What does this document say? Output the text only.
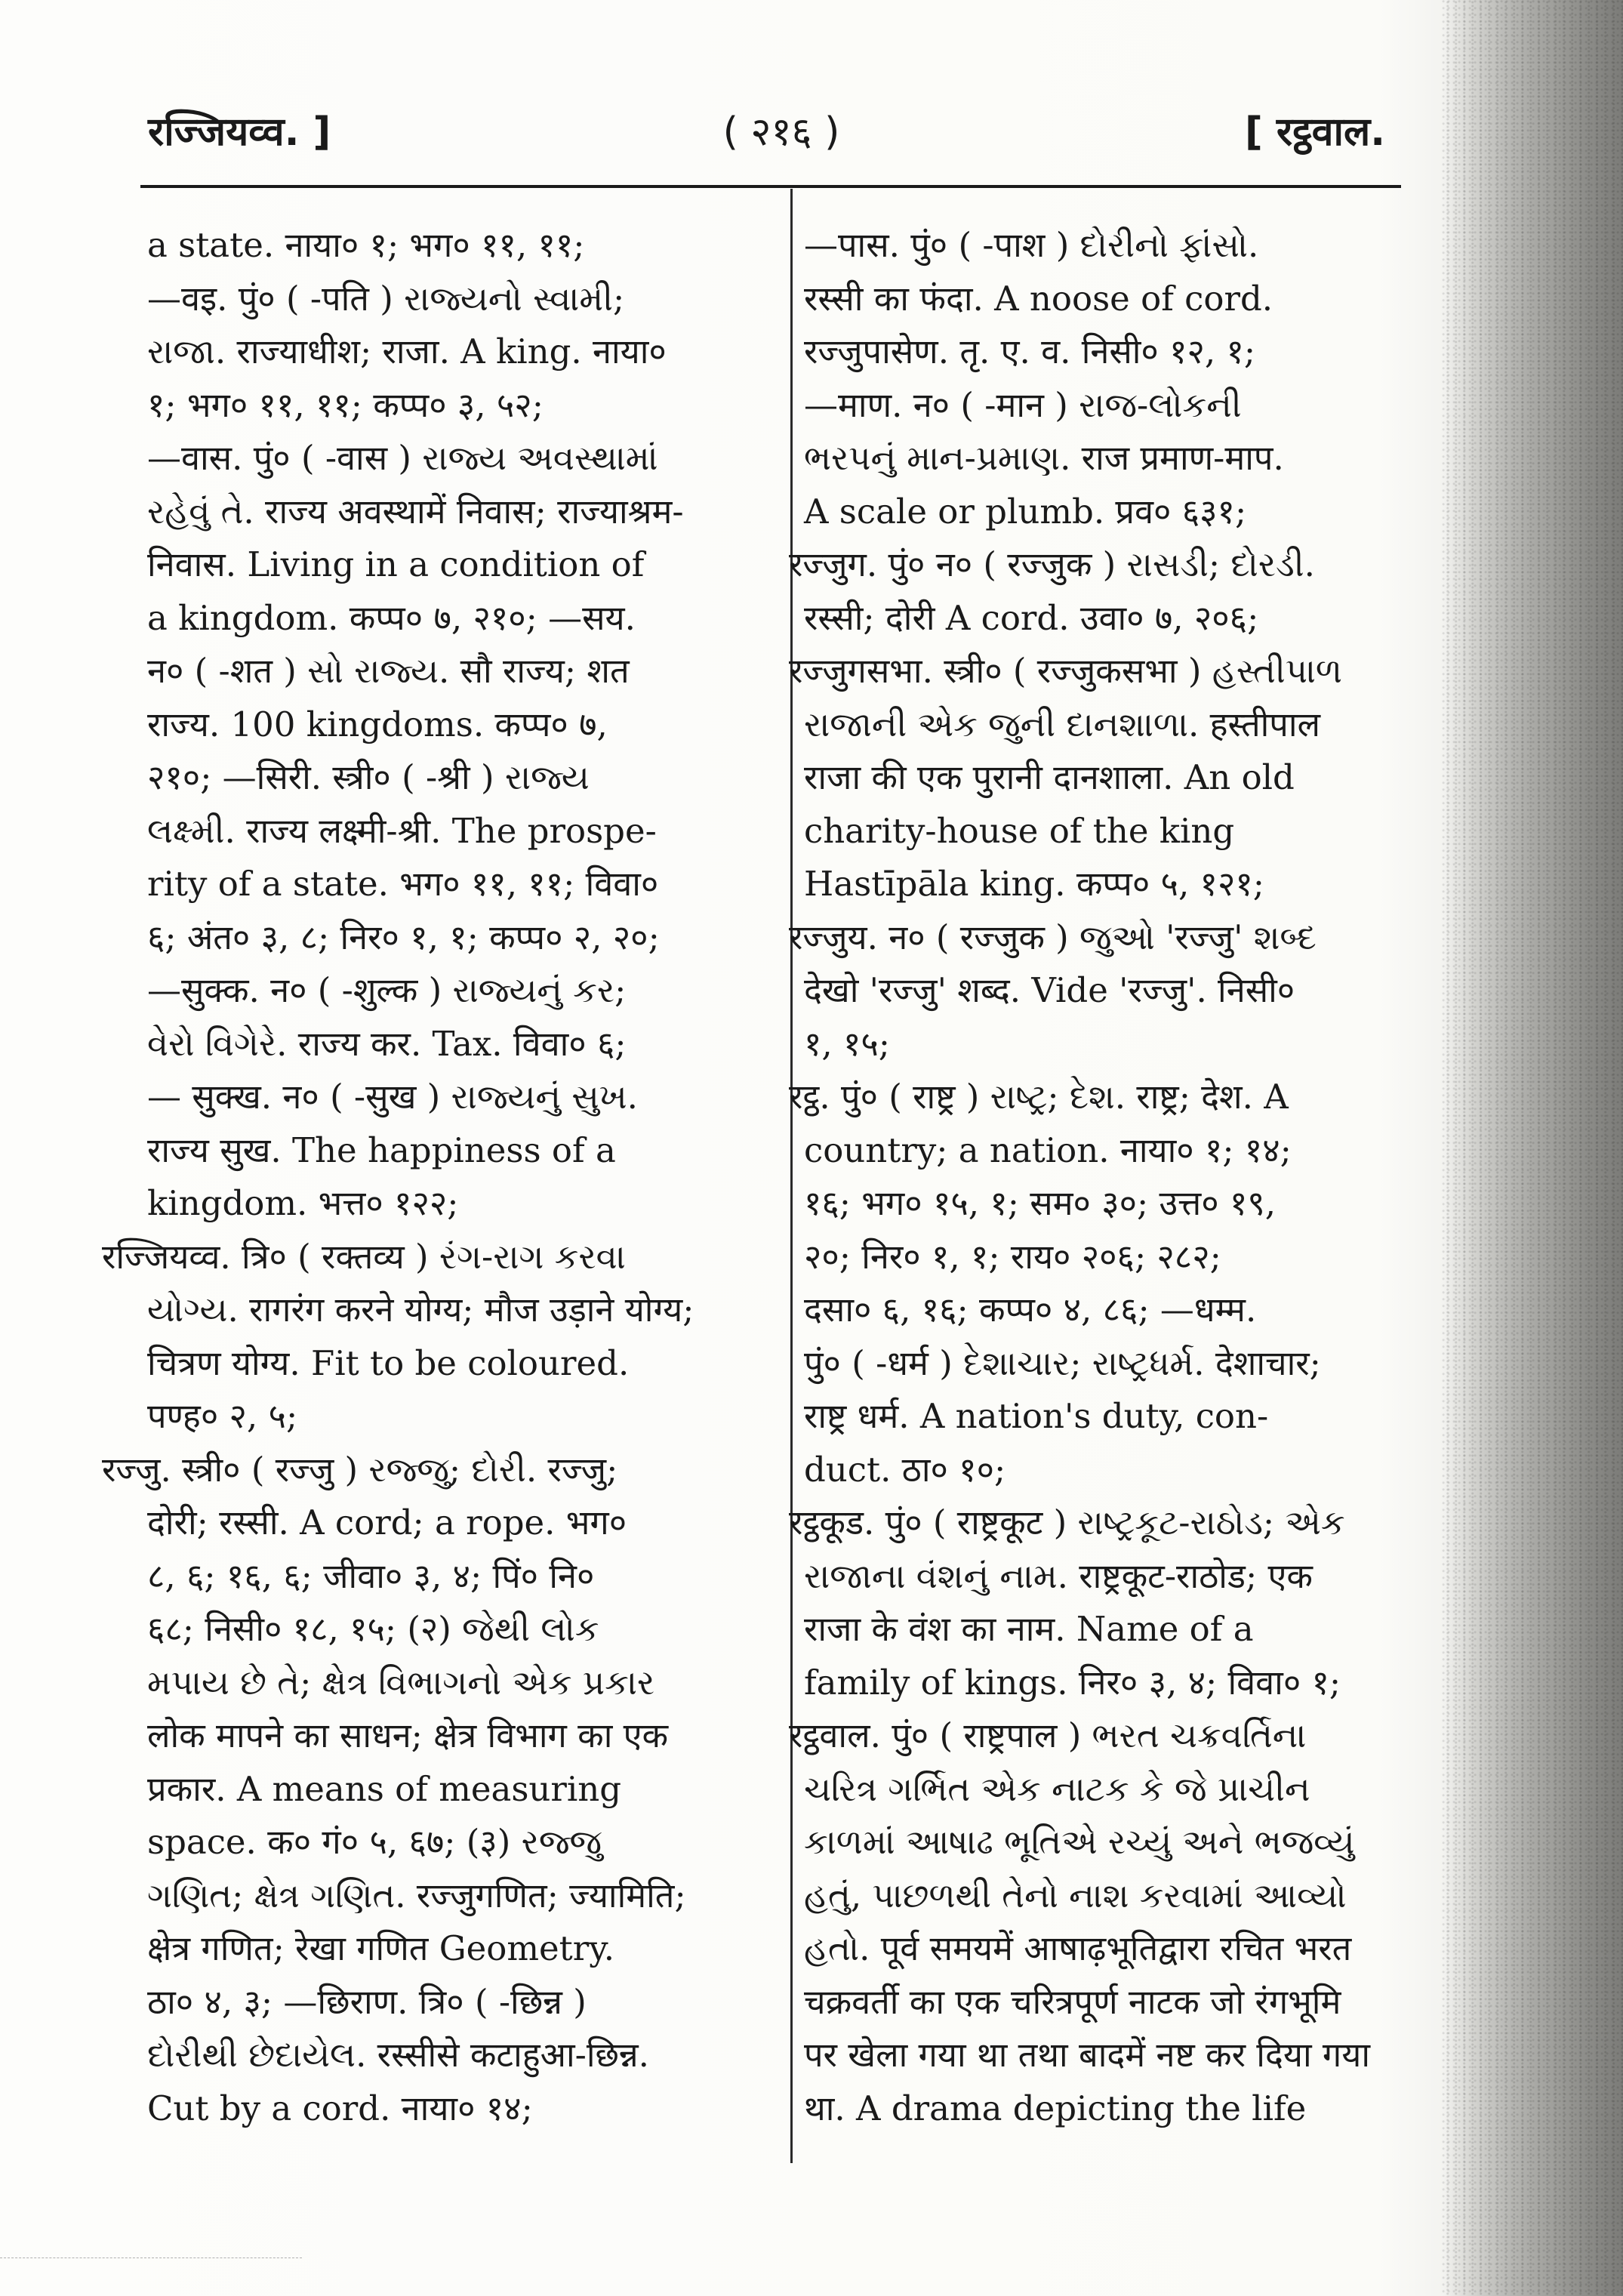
रज्जियव्व. ]	( २१६ )	[ रट्ठवाल.
a state. नाया० १; भग० ११, ११;
—वइ. पुं० ( -पति ) રાજ્યનો સ્વામી;
રાજા. राज्याधीश; राजा. A king. नाया०
१; भग० ११, ११; कप्प० ३, ५२;
—वास. पुं० ( -वास ) રાજ્ય અવસ્થામાં
રહેવું તે. राज्य अवस्थामें निवास; राज्याश्रम-
निवास. Living in a condition of
a kingdom. कप्प० ७, २१०; —सय.
न० ( -शत ) સો રાજ્ય. सौ राज्य; शत
राज्य. 100 kingdoms. कप्प० ७,
२१०; —सिरी. स्त्री० ( -श्री ) રાજ્ય
લક્ષ્મી. राज्य लक्ष्मी-श्री. The prospe-
rity of a state. भग० ११, ११; विवा०
६; अंत० ३, ८; निर० १, १; कप्प० २, २०;
—सुक्क. न० ( -शुल्क ) રાજ્યનું કર;
વેરો વિગેરે. राज्य कर. Tax. विवा० ६;
— सुक्ख. न० ( -सुख ) રાજ્યનું સુખ.
राज्य सुख. The happiness of a
kingdom. भत्त० १२२;
रज्जियव्व. त्रि० ( रक्तव्य ) રંગ-રાગ કરવા
યોગ્ય. रागरंग करने योग्य; मौज उड़ाने योग्य;
चित्रण योग्य. Fit to be coloured.
पण्ह० २, ५;
रज्जु. स्त्री० ( रज्जु ) રજ્જુ; દોરી. रज्जु;
दोरी; रस्सी. A cord; a rope. भग०
८, ६; १६, ६; जीवा० ३, ४; पिं० नि०
६८; निसी० १८, १५; (२) જેથી લોક
મપાય છે તે; ક્ષેત્ર વિભાગનો એક પ્રકાર
लोक मापने का साधन; क्षेत्र विभाग का एक
प्रकार. A means of measuring
space. क० गं० ५, ६७; (३) રજ્જુ
ગણિત; ક્ષેત્ર ગણિત. रज्जुगणित; ज्यामिति;
क्षेत्र गणित; रेखा गणित Geometry.
ठा० ४, ३; —छिराण. त्रि० ( -छिन्न )
દોરીથી છેદાયેલ. रस्सीसे कटाहुआ-छिन्न.
Cut by a cord. नाया० १४;
—पास. पुं० ( -पाश ) દોરીનો ફાંસો.
रस्सी का फंदा. A noose of cord.
रज्जुपासेण. तृ. ए. व. निसी० १२, १;
—माण. न० ( -मान ) રાજ-લોકની
ભરપનું માન-પ્રમાણ. राज प्रमाण-माप.
A scale or plumb. प्रव० ६३१;
रज्जुग. पुं० न० ( रज्जुक ) રાસડી; દોરડી.
रस्सी; दोरी A cord. उवा० ७, २०६;
रज्जुगसभा. स्त्री० ( रज्जुकसभा ) હસ્તીપાળ
રાજાની એક જુની દાનશાળા. हस्तीपाल
राजा की एक पुरानी दानशाला. An old
charity-house of the king
Hastīpāla king. कप्प० ५, १२१;
रज्जुय. न० ( रज्जुक ) જુઓ 'रज्जु' શબ્દ
देखो 'रज्जु' शब्द. Vide 'रज्जु'. निसी०
१, १५;
रट्ठ. पुं० ( राष्ट्र ) રાષ્ટ્ર; દેશ. राष्ट्र; देश. A
country; a nation. नाया० १; १४;
१६; भग० १५, १; सम० ३०; उत्त० १९,
२०; निर० १, १; राय० २०६; २८२;
दसा० ६, १६; कप्प० ४, ८६; —धम्म.
पुं० ( -धर्म ) દેશાચાર; રાષ્ટ્રધર્મ. देशाचार;
राष्ट्र धर्म. A nation's duty, con-
duct. ठा० १०;
रट्ठकूड. पुं० ( राष्ट्रकूट ) રાષ્ટ્રકૂટ-રાઠોડ; એક
રાજાના વંશનું નામ. राष्ट्रकूट-राठोड; एक
राजा के वंश का नाम. Name of a
family of kings. निर० ३, ४; विवा० १;
रट्ठवाल. पुं० ( राष्ट्रपाल ) ભરત ચક્રવર્તિના
ચરિત્ર ગર્ભિત એક નાટક કે જે પ્રાચીન
કાળમાં આષાઢ ભૂતિએ રચ્યું અને ભજવ્યું
હતું, પાછળથી તેનો નાશ કરવામાં આવ્યો
હતો. पूर्व समयमें आषाढ़भूतिद्वारा रचित भरत
चक्रवर्ती का एक चरित्रपूर्ण नाटक जो रंगभूमि
पर खेला गया था तथा बादमें नष्ट कर दिया गया
था. A drama depicting the life
